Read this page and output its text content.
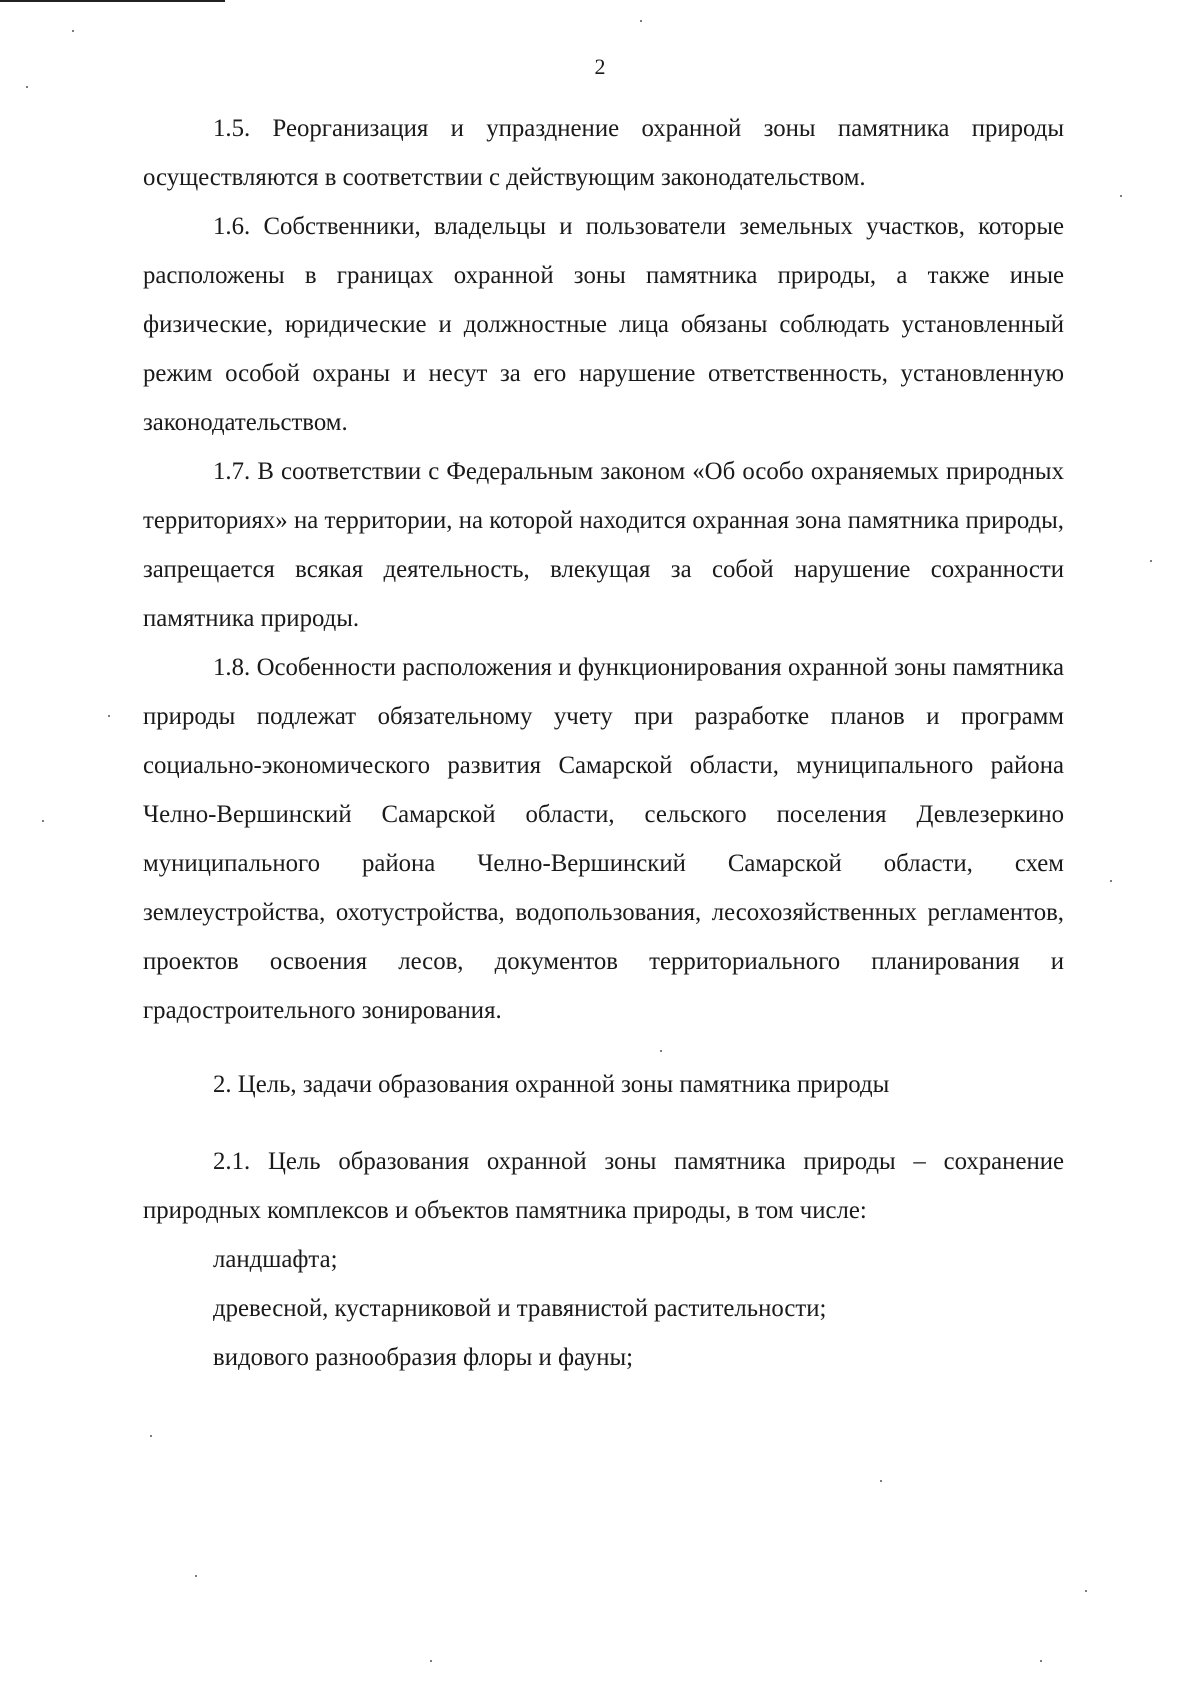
2

1.5. Реорганизация и упразднение охранной зоны памятника природы осуществляются в соответствии с действующим законодательством.

1.6. Собственники, владельцы и пользователи земельных участков, которые расположены в границах охранной зоны памятника природы, а также иные физические, юридические и должностные лица обязаны соблюдать установленный режим особой охраны и несут за его нарушение ответственность, установленную законодательством.

1.7. В соответствии с Федеральным законом «Об особо охраняемых природных территориях» на территории, на которой находится охранная зона памятника природы, запрещается всякая деятельность, влекущая за собой нарушение сохранности памятника природы.

1.8. Особенности расположения и функционирования охранной зоны памятника природы подлежат обязательному учету при разработке планов и программ социально-экономического развития Самарской области, муниципального района Челно-Вершинский Самарской области, сельского поселения Девлезеркино муниципального района Челно-Вершинский Самарской области, схем землеустройства, охотустройства, водопользования, лесохозяйственных регламентов, проектов освоения лесов, документов территориального планирования и градостроительного зонирования.

2. Цель, задачи образования охранной зоны памятника природы

2.1. Цель образования охранной зоны памятника природы – сохранение природных комплексов и объектов памятника природы, в том числе:

ландшафта;

древесной, кустарниковой и травянистой растительности;

видового разнообразия флоры и фауны;
